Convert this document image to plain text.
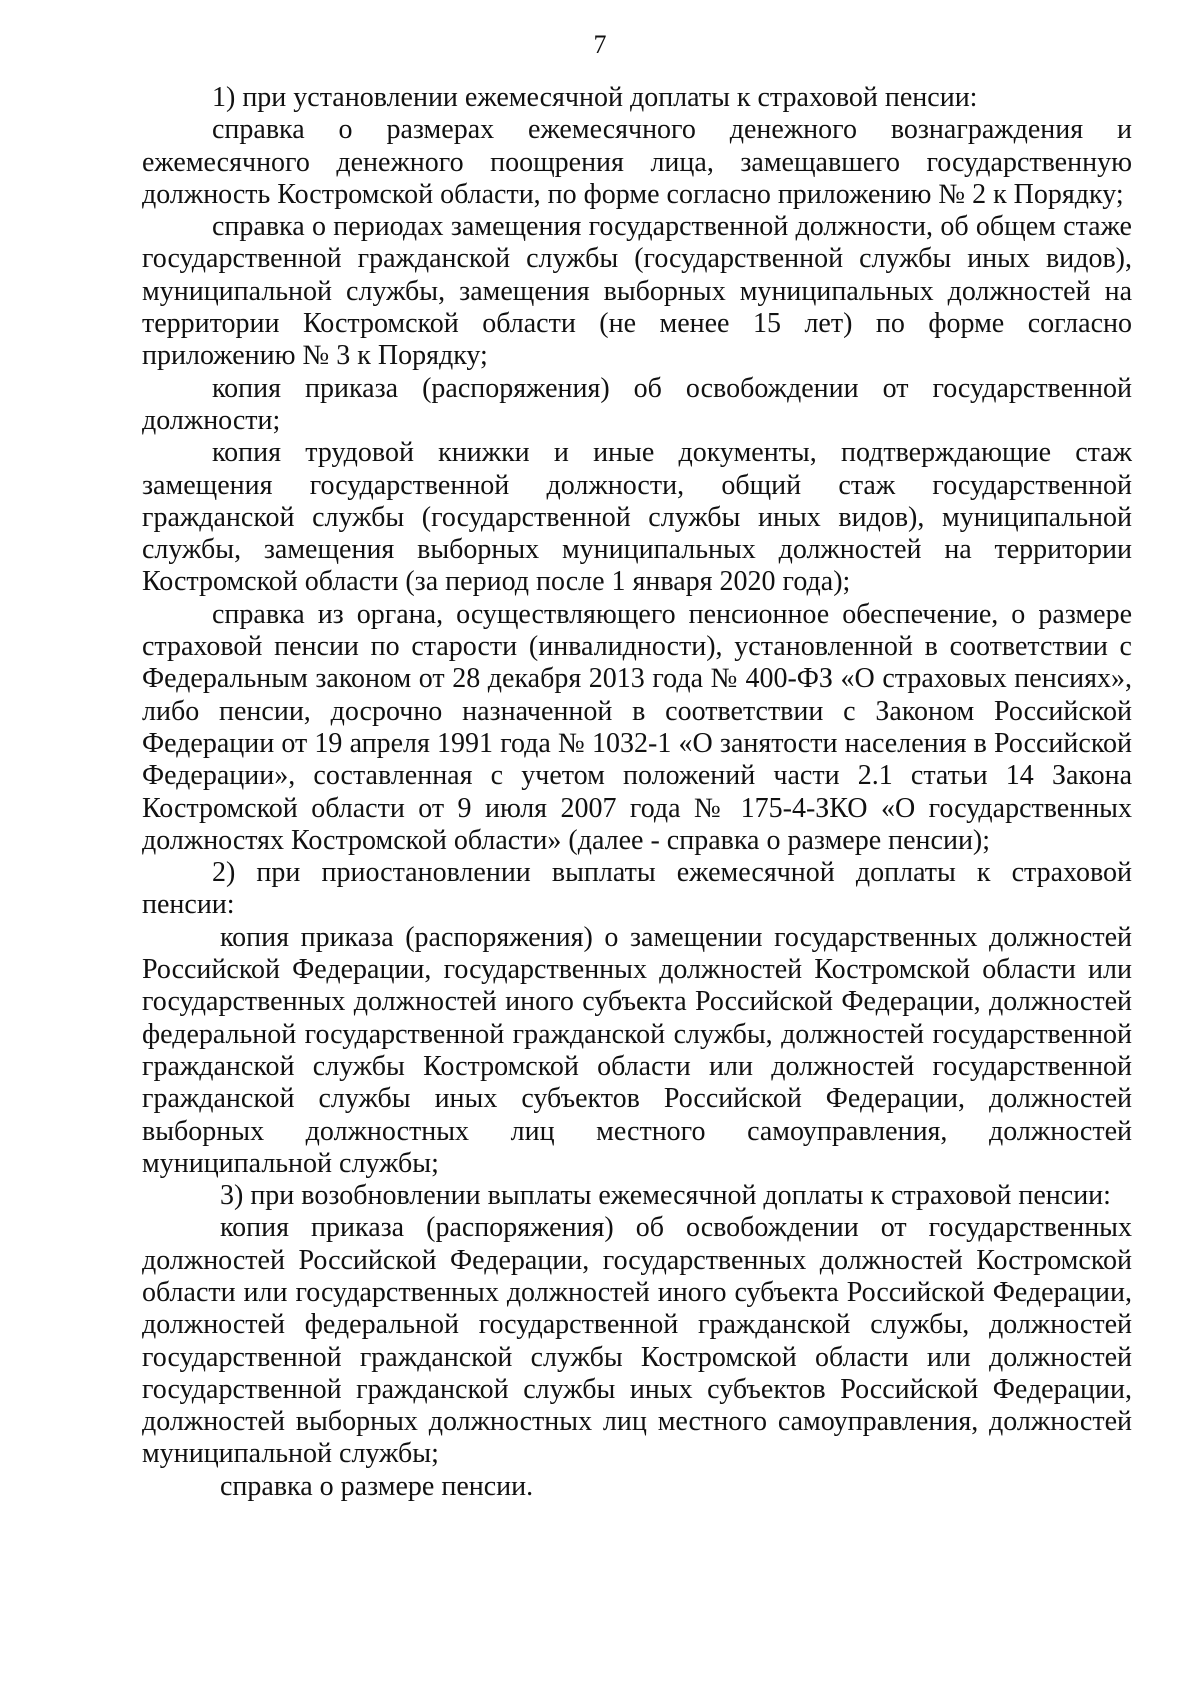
7

1) при установлении ежемесячной доплаты к страховой пенсии:

справка о размерах ежемесячного денежного вознаграждения и ежемесячного денежного поощрения лица, замещавшего государственную должность Костромской области, по форме согласно приложению № 2 к Порядку;

справка о периодах замещения государственной должности, об общем стаже государственной гражданской службы (государственной службы иных видов), муниципальной службы, замещения выборных муниципальных должностей на территории Костромской области (не менее 15 лет) по форме согласно приложению № 3 к Порядку;

копия приказа (распоряжения) об освобождении от государственной должности;

копия трудовой книжки и иные документы, подтверждающие стаж замещения государственной должности, общий стаж государственной гражданской службы (государственной службы иных видов), муниципальной службы, замещения выборных муниципальных должностей на территории Костромской области (за период после 1 января 2020 года);

справка из органа, осуществляющего пенсионное обеспечение, о размере страховой пенсии по старости (инвалидности), установленной в соответствии с Федеральным законом от 28 декабря 2013 года № 400-ФЗ «О страховых пенсиях», либо пенсии, досрочно назначенной в соответствии с Законом Российской Федерации от 19 апреля 1991 года № 1032-1 «О занятости населения в Российской Федерации», составленная с учетом положений части 2.1 статьи 14 Закона Костромской области от 9 июля 2007 года № 175-4-ЗКО «О государственных должностях Костромской области» (далее - справка о размере пенсии);

2) при приостановлении выплаты ежемесячной доплаты к страховой пенсии:

копия приказа (распоряжения) о замещении государственных должностей Российской Федерации, государственных должностей Костромской области или государственных должностей иного субъекта Российской Федерации, должностей федеральной государственной гражданской службы, должностей государственной гражданской службы Костромской области или должностей государственной гражданской службы иных субъектов Российской Федерации, должностей выборных должностных лиц местного самоуправления, должностей муниципальной службы;

3) при возобновлении выплаты ежемесячной доплаты к страховой пенсии:

копия приказа (распоряжения) об освобождении от государственных должностей Российской Федерации, государственных должностей Костромской области или государственных должностей иного субъекта Российской Федерации, должностей федеральной государственной гражданской службы, должностей государственной гражданской службы Костромской области или должностей государственной гражданской службы иных субъектов Российской Федерации, должностей выборных должностных лиц местного самоуправления, должностей муниципальной службы;

справка о размере пенсии.
